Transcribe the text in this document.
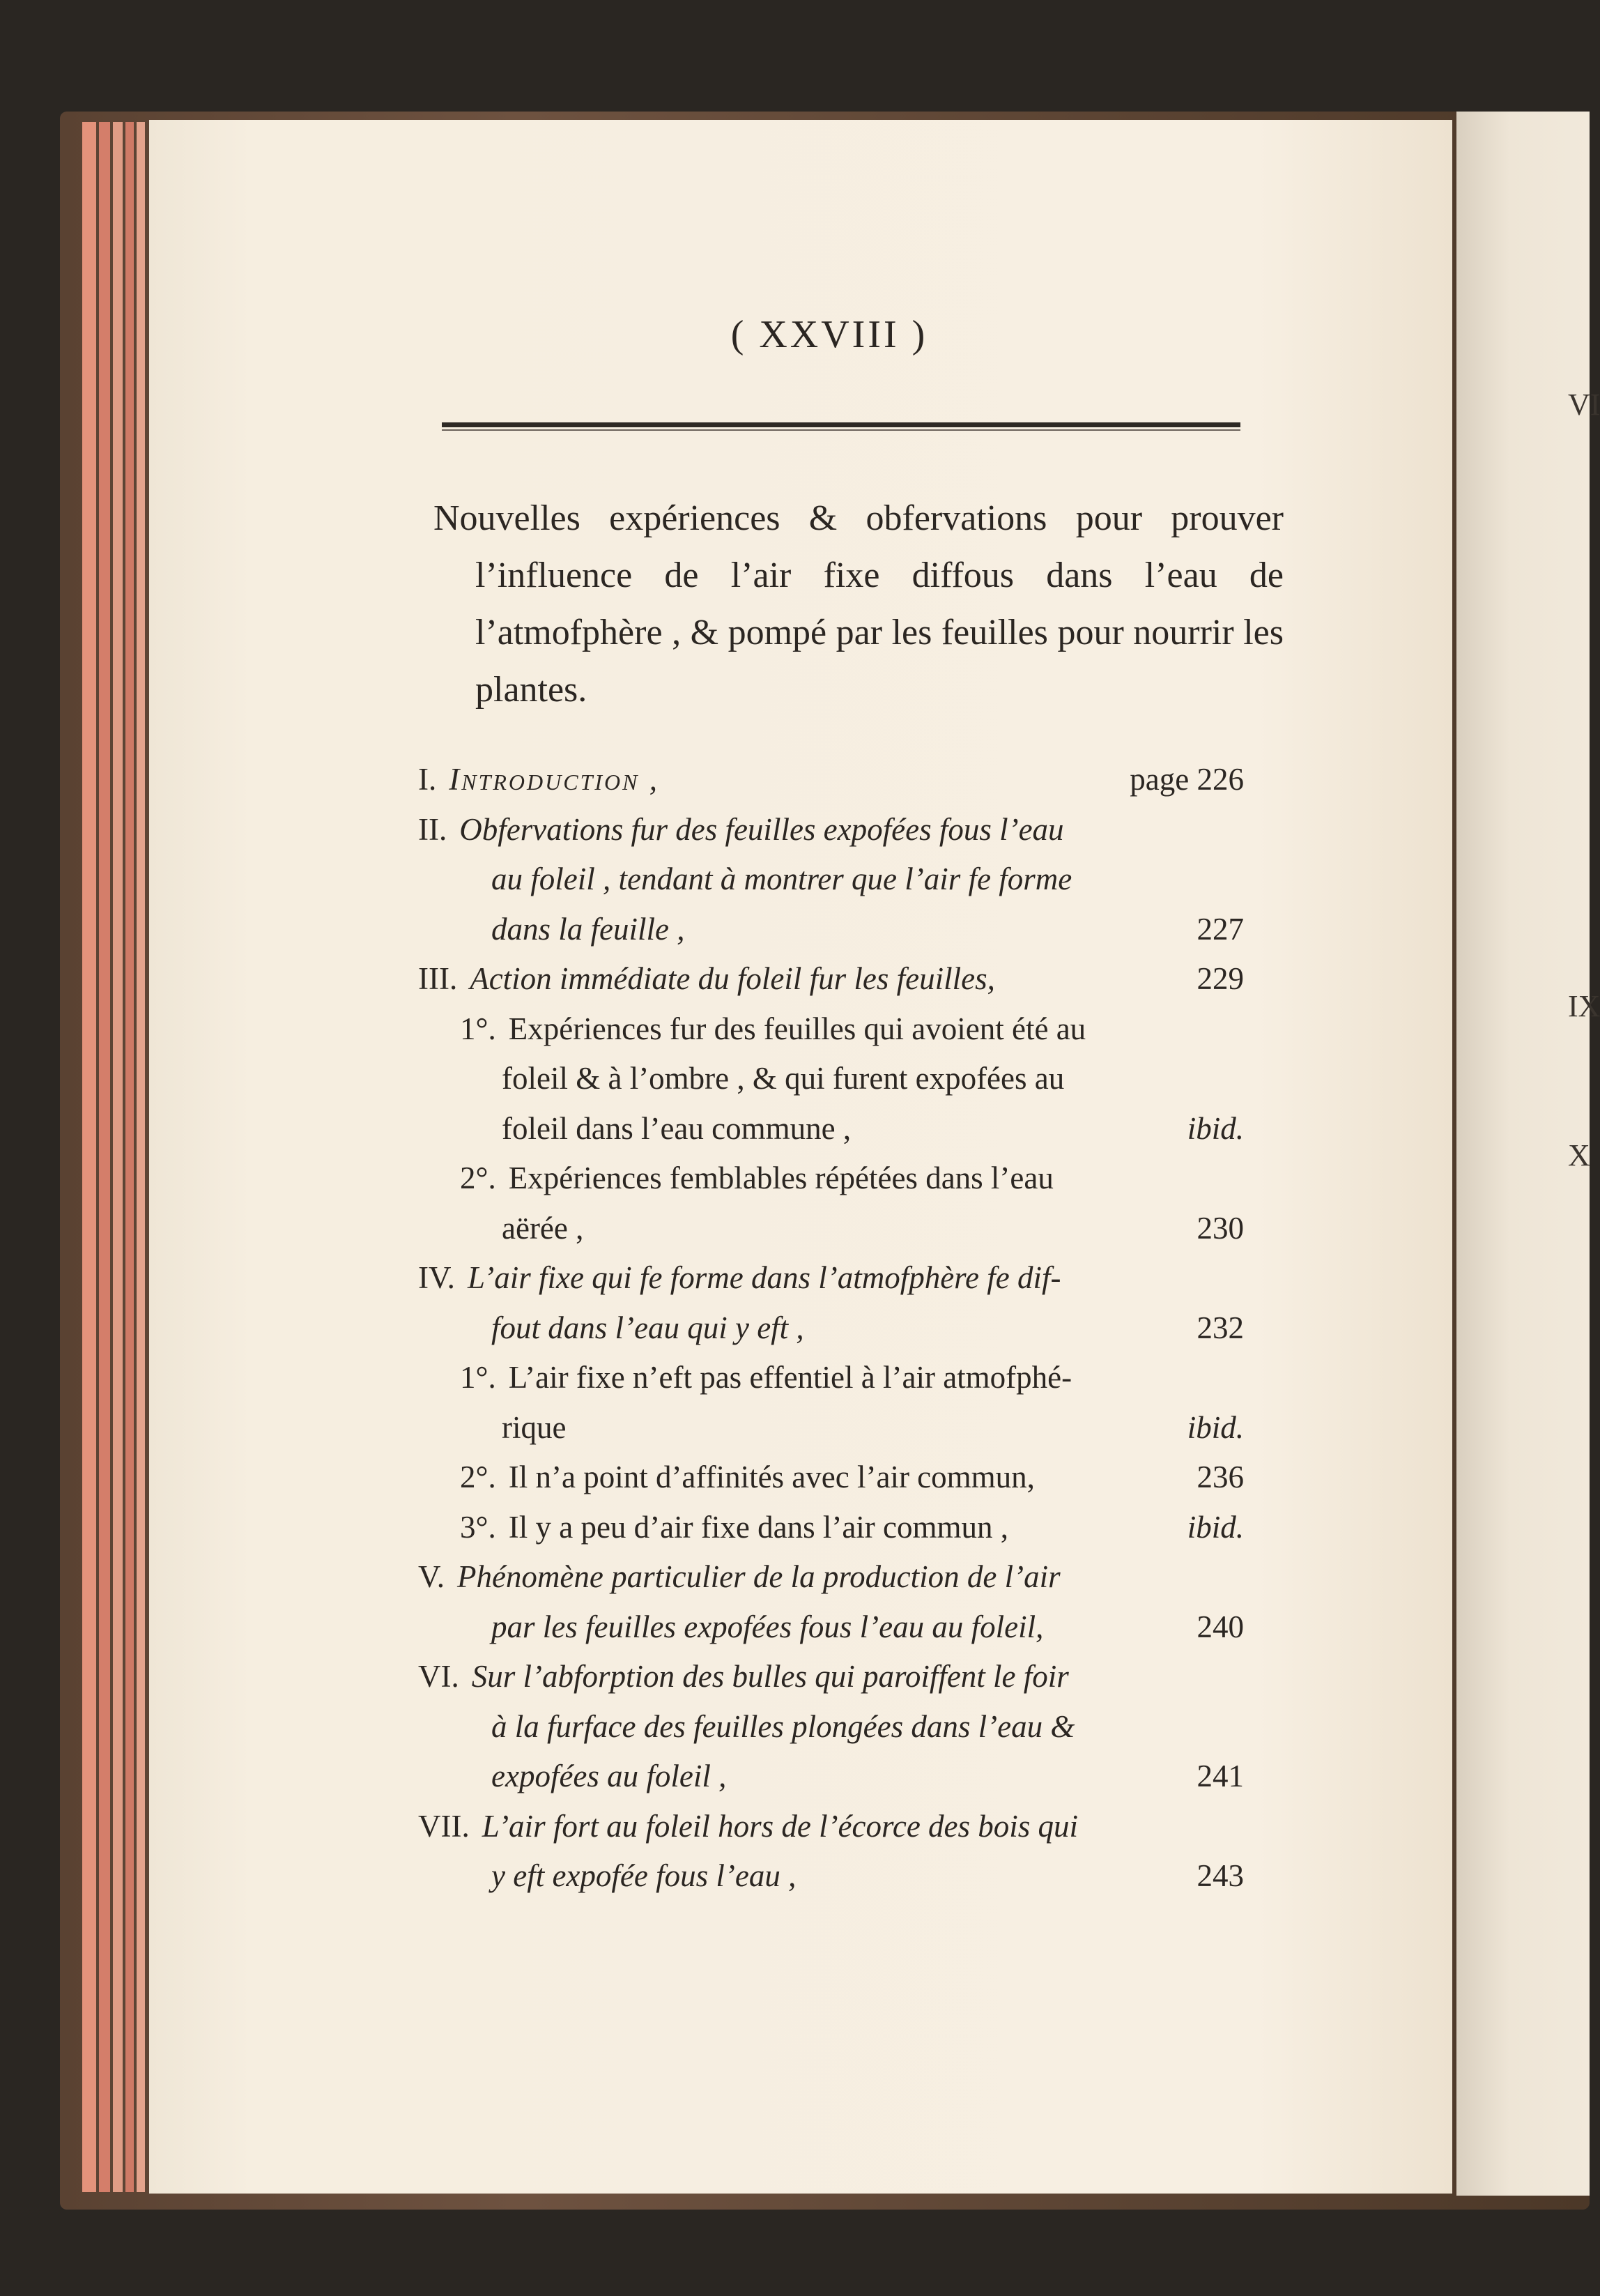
VI
IX
X
( XXVIII )
Nouvelles expériences & obfervations pour prouver l’influence de l’air fixe diffous dans l’eau de l’atmofphère , & pompé par les feuilles pour nourrir les plantes.
I. Introduction ,	page 226
II. Obfervations fur des feuilles expofées fous l’eau
au foleil , tendant à montrer que l’air fe forme
dans la feuille ,	227
III. Action immédiate du foleil fur les feuilles,	229
1°. Expériences fur des feuilles qui avoient été au
foleil & à l’ombre , & qui furent expofées au
foleil dans l’eau commune ,	ibid.
2°. Expériences femblables répétées dans l’eau
aërée ,	230
IV. L’air fixe qui fe forme dans l’atmofphère fe dif-
fout dans l’eau qui y eft ,	232
1°. L’air fixe n’eft pas effentiel à l’air atmofphé-
rique	ibid.
2°. Il n’a point d’affinités avec l’air commun,	236
3°. Il y a peu d’air fixe dans l’air commun ,	ibid.
V. Phénomène particulier de la production de l’air
par les feuilles expofées fous l’eau au foleil,	240
VI. Sur l’abforption des bulles qui paroiffent le foir
à la furface des feuilles plongées dans l’eau &
expofées au foleil ,	241
VII. L’air fort au foleil hors de l’écorce des bois qui
y eft expofée fous l’eau ,	243
